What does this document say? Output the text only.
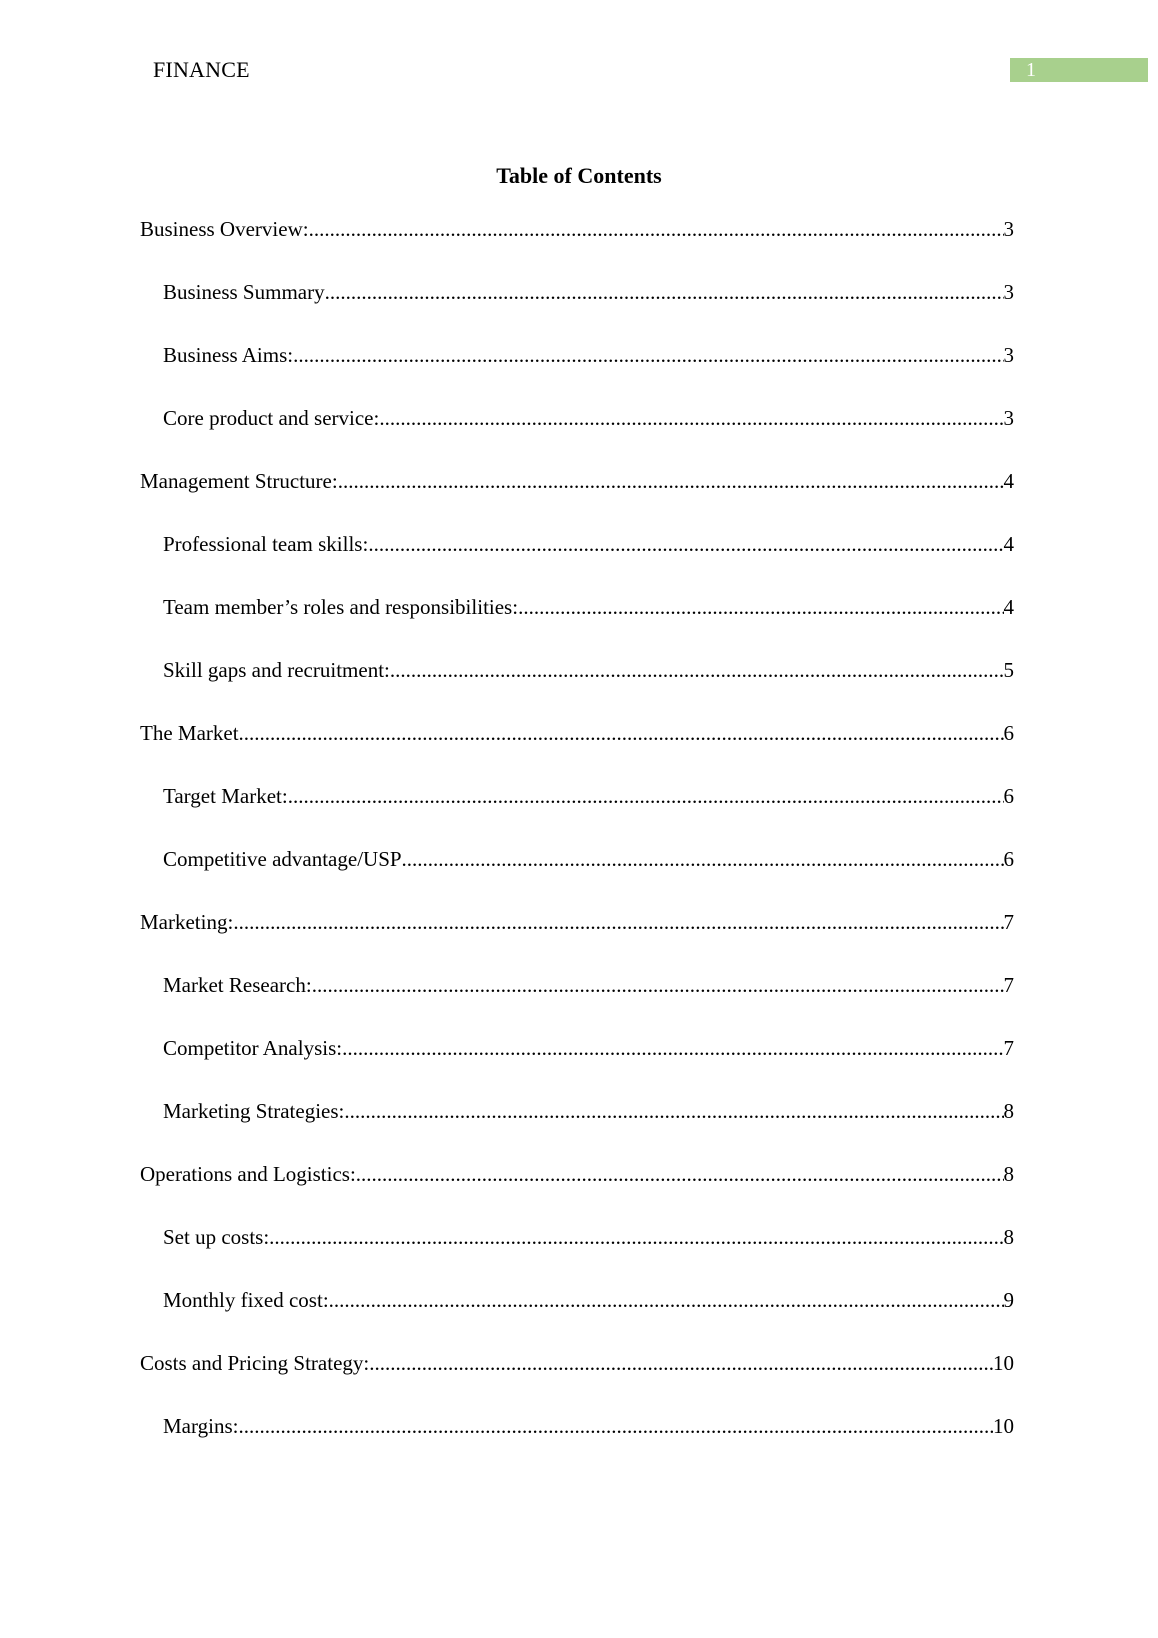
FINANCE	1
Table of Contents
Business Overview: .....	3
Business Summary .....	3
Business Aims: .....	3
Core product and service: .....	3
Management Structure: .....	4
Professional team skills: .....	4
Team member’s roles and responsibilities: .....	4
Skill gaps and recruitment: .....	5
The Market .....	6
Target Market: .....	6
Competitive advantage/USP .....	6
Marketing: .....	7
Market Research: .....	7
Competitor Analysis: .....	7
Marketing Strategies: .....	8
Operations and Logistics: .....	8
Set up costs: .....	8
Monthly fixed cost: .....	9
Costs and Pricing Strategy: .....	10
Margins: .....	10
